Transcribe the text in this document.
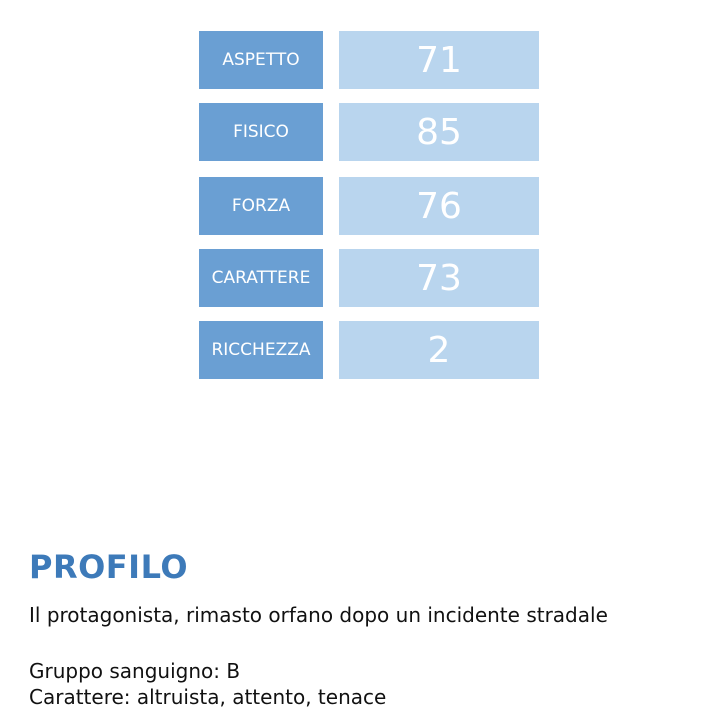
ASPETTO	71
FISICO	85
FORZA	76
CARATTERE	73
RICCHEZZA	2
PROFILO

Il protagonista, rimasto orfano dopo un incidente stradale

Gruppo sanguigno: B

Carattere: altruista, attento, tenace
